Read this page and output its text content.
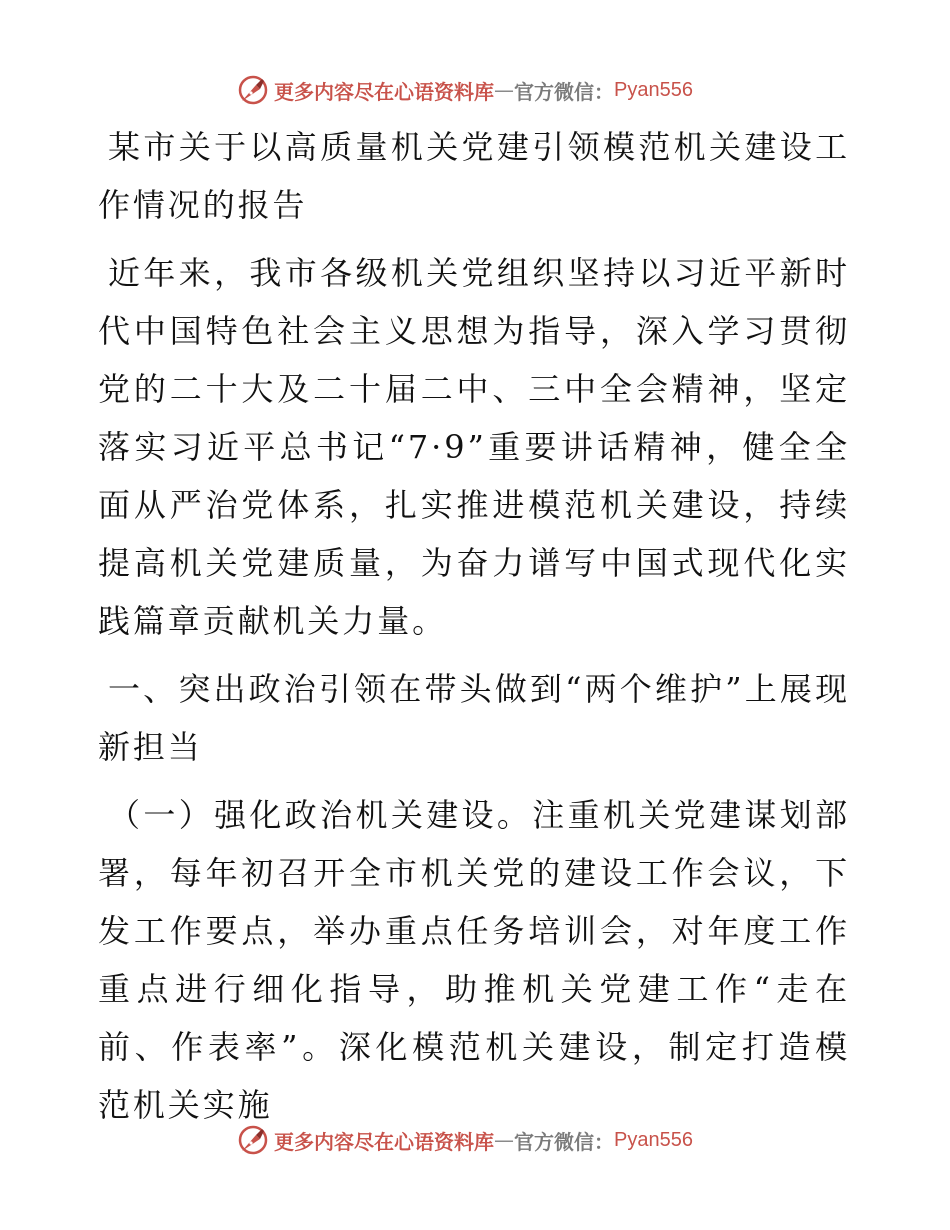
更多内容尽在心语资料库 — 官方微信： Pyan556

某市关于以高质量机关党建引领模范机关建设工作情况的报告

近年来，我市各级机关党组织坚持以习近平新时代中国特色社会主义思想为指导，深入学习贯彻党的二十大及二十届二中、三中全会精神，坚定落实习近平总书记“7·9”重要讲话精神，健全全面从严治党体系，扎实推进模范机关建设，持续提高机关党建质量，为奋力谱写中国式现代化实践篇章贡献机关力量。

一、突出政治引领在带头做到“两个维护”上展现新担当

（一）强化政治机关建设。注重机关党建谋划部署，每年初召开全市机关党的建设工作会议，下发工作要点，举办重点任务培训会，对年度工作重点进行细化指导，助推机关党建工作“走在前、作表率”。深化模范机关建设，制定打造模范机关实施

更多内容尽在心语资料库 — 官方微信： Pyan556
